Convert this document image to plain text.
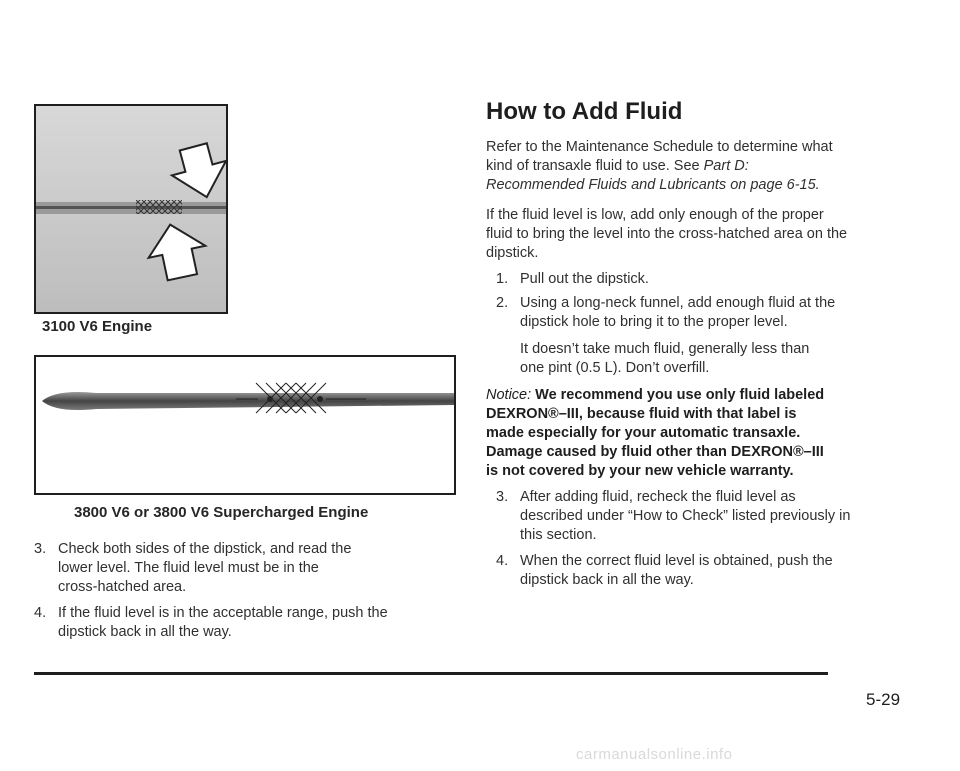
3100 V6 Engine
3800 V6 or 3800 V6 Supercharged Engine
3. Check both sides of the dipstick, and read the
lower level. The fluid level must be in the
cross-hatched area.
4. If the fluid level is in the acceptable range, push the
dipstick back in all the way.
How to Add Fluid
Refer to the Maintenance Schedule to determine what
kind of transaxle fluid to use. See Part D:
Recommended Fluids and Lubricants on page 6-15.
If the fluid level is low, add only enough of the proper
fluid to bring the level into the cross-hatched area on the
dipstick.
1. Pull out the dipstick.
2. Using a long-neck funnel, add enough fluid at the
dipstick hole to bring it to the proper level.
It doesn’t take much fluid, generally less than
one pint (0.5 L). Don’t overfill.
Notice: We recommend you use only fluid labeled
DEXRON®–III, because fluid with that label is
made especially for your automatic transaxle.
Damage caused by fluid other than DEXRON®–III
is not covered by your new vehicle warranty.
3. After adding fluid, recheck the fluid level as
described under “How to Check” listed previously in
this section.
4. When the correct fluid level is obtained, push the
dipstick back in all the way.
5-29
carmanualsonline.info
